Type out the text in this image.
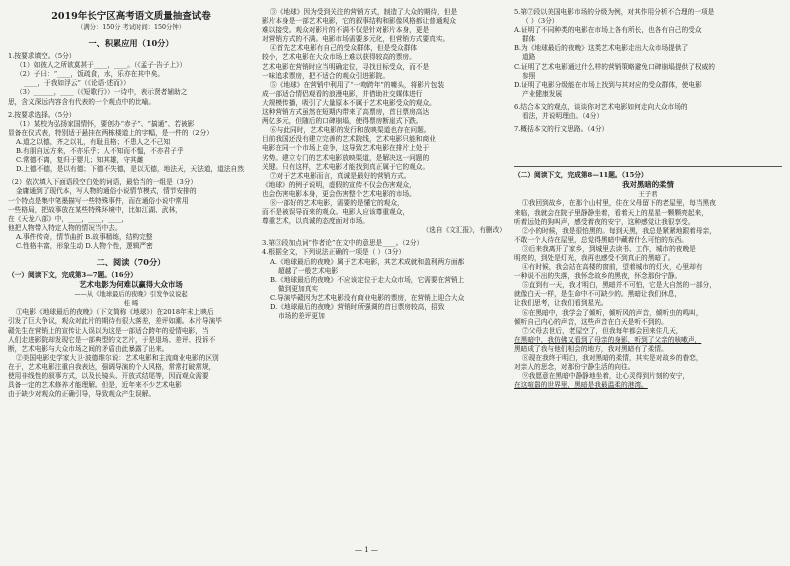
2019年长宁区高考语文质量抽查试卷
（满分：150分 考试时间：150分钟）
一、积累应用（10分）
1.按要求填空。（5分）
（1）如彼人之所欲莫甚于____，____。（《孟子·告子上》）
（2）子曰：“____，饭疏食，水，乐亦在其中矣。
____，于我如浮云”（《论语·述而》）
（3）______，____（《短歌行》）一诗中，表示贤者辅助之
思，含义深远内容含有代表的一个观点中的比喻。
2.按要求选择。（5分）
（1）某校为弘扬家国情怀，要创办“赤子”、“搞通”、若被影
显备在仪式表，特别适于悬挂在两栋楼道上的字幅，是一件的（2分）
A.道之以德，齐之以礼，有耻且格；不患人之不己知
B.有朋自远方来，不亦乐乎；人不知而不愠，不亦君子乎
C.常德不离，复归于婴儿；知其雄，守其雌
D.上德不德，是以有德；下德不失德，是以无德，地法天，天法道，道法自然
（2）依次填入下面语段空白处的词语，最恰当的一组是（3分）
金庸通到了现代本，写人物的通俗小说情节模式，情节安排的
一个特点是集中笔墨描写一些特殊事件，而在通俗小说中常用
一些格局，把故事放在某些特殊环境中，比如江湖、武林，
在《天龙八部》中，____，____，____，
他把人物带入特定人物的情况当中去。
A.事件传奇，情节曲折 B.故事精练，结构完整
C.性格丰富，形象生动 D.人物个性，逻辑严密
二、阅读（70分）
（一）阅读下文，完成第3—7题。（16分）
艺术电影为何难以赢得大众市场
——从《地球最后的夜晚》引发争议说起
桂 晞
①电影《地球最后的夜晚》（下文简称《地球》）在2018年末上映后
引发了巨大争议，观众对此片的期待有很大落差，差评如潮。本片导演毕
赣先生在营销上的宣传让人误以为这是一部适合跨年的爱情电影，当
人们走进影院却发现它是一部典型的文艺片，于是退场、差评、投诉不
断，艺术电影与大众市场之间的矛盾由此暴露了出来。
②美国电影史学家大卫·波德维尔说：艺术电影和主流商业电影的区别
在于，艺术电影注重自我表达，强调导演的个人风格，常常打破常规，
使用非线性的叙事方式，以及长镜头、开放式结尾等，因而观众需要
具备一定的艺术修养才能理解。但是，近年来不少艺术电影
由于缺少对观众的正确引导，导致观众产生误解。
③《地球》因为受到关注的营销方式，制造了大众的期待，但是
影片本身是一部艺术电影，它的叙事结构和影像风格都让普通观众
难以接受。观众对影片的不满不仅是针对影片本身，更是
对营销方式的不满。电影市场需要多元化，但营销方式要真实。
④首先艺术电影有自己的受众群体，但是受众群体
较小，艺术电影在大众市场上难以获得较高的票房。
艺术电影在营销时应当明确定位，寻找目标受众，而不是
一味追求票房，把不适合的观众引进影院。
⑤《地球》在营销中利用了“一吻跨年”的噱头，将影片包装
成一部适合情侣观看的浪漫电影，并借助社交媒体进行
大规模传播，吸引了大量原本不属于艺术电影受众的观众。
这种营销方式虽然在短期内带来了高票房，首日票房高达
两亿多元，但随后的口碑崩塌，使得票房断崖式下跌。
⑥与此同时，艺术电影的发行和放映渠道也存在问题。
目前我国还没有建立完善的艺术院线，艺术电影只能和商业
电影在同一个市场上竞争，这导致艺术电影在排片上处于
劣势。建立专门的艺术电影放映渠道，是解决这一问题的
关键。只有这样，艺术电影才能找到真正属于它的观众。
⑦对于艺术电影而言，真诚是最好的营销方式。
《地球》的例子说明，虚假的宣传不仅会伤害观众，
也会伤害电影本身，更会伤害整个艺术电影的市场。
⑧一部好的艺术电影，需要的是懂它的观众，
而不是被误导而来的观众。电影人应该尊重观众，
尊重艺术，以真诚的态度面对市场。
（选自《文汇报》，有删改）
3.第③段加点词“作者论”在文中的意思是____。（2分）
4.根据全文，下列说法正确的一项是（ ）（3分）
A.《地球最后的夜晚》属于艺术电影，其艺术成就和盈利两方面都
超越了一般艺术电影
B.《地球最后的夜晚》不应该定位于走大众市场，它需要在营销上
做到更加真实
C.导演毕赣因为艺术电影没有商业电影的票房，在营销上迎合大众
D.《地球最后的夜晚》营销时所强调的首日票房较高，招致
市场的差评更加
5.第⑦段以美国电影市场的分级为例，对其作用分析不合理的一项是
（ ）（3分）
A.证明了不同种类的电影在市场上各有所长，也各有自己的受众
群体
B.为《地球最后的夜晚》这类艺术电影走出大众市场提供了
道路
C.证明了艺术电影通过什么样的营销策略避免口碑崩塌提供了权威的
参照
D.证明了电影分级能在市场上找到与其对应的受众群体，使电影
产业健康发展
6.结合本文的观点，谈谈你对艺术电影如何走向大众市场的
看法，并说明理由。（4分）
7.概括本文的行文思路。（4分）
（二）阅读下文，完成第8—11题。（15分）
我对黑暗的柔情
王子君
①我回到故乡，在那个山村里，住在父母留下的老屋里，每当黑夜
来临，我就会在院子里静静坐着，看着天上的星星一颗颗亮起来，
听着远处的狗叫声，感受着夜的安宁，这种感觉让我很享受。
②小的时候，我是很怕黑的。每到天黑，我总是紧紧地跟着母亲，
不敢一个人待在屋里，总觉得黑暗中藏着什么可怕的东西。
③后来我离开了家乡，到城里去读书、工作，城市的夜晚是
明亮的，到处是灯光，我再也感受不到真正的黑暗了。
④有时候，我会站在高楼的窗前，望着城市的灯火，心里却有
一种说不出的失落，我怀念故乡的黑夜，怀念那份宁静。
⑤直到有一天，我才明白，黑暗并不可怕，它是大自然的一部分，
就像白天一样，是生命中不可缺少的。黑暗让我们休息，
让我们思考，让我们看到星光。
⑥在黑暗中，我学会了倾听，倾听风的声音，倾听虫的鸣叫，
倾听自己内心的声音，这些声音在白天是听不到的。
⑦父母去世后，老屋空了，但我每年都会回来住几天，
在黑暗中，我仿佛又看到了母亲的身影，听到了父亲的咳嗽声，
黑暗成了我与他们相会的地方，我对黑暗有了柔情。
⑧现在我终于明白，我对黑暗的柔情，其实是对故乡的眷恋，
对亲人的思念，对那份宁静生活的向往。
⑨我愿意在黑暗中静静地坐着，让心灵得到片刻的安宁，
在这喧嚣的世界里，黑暗是我最温柔的港湾。
— 1 —
